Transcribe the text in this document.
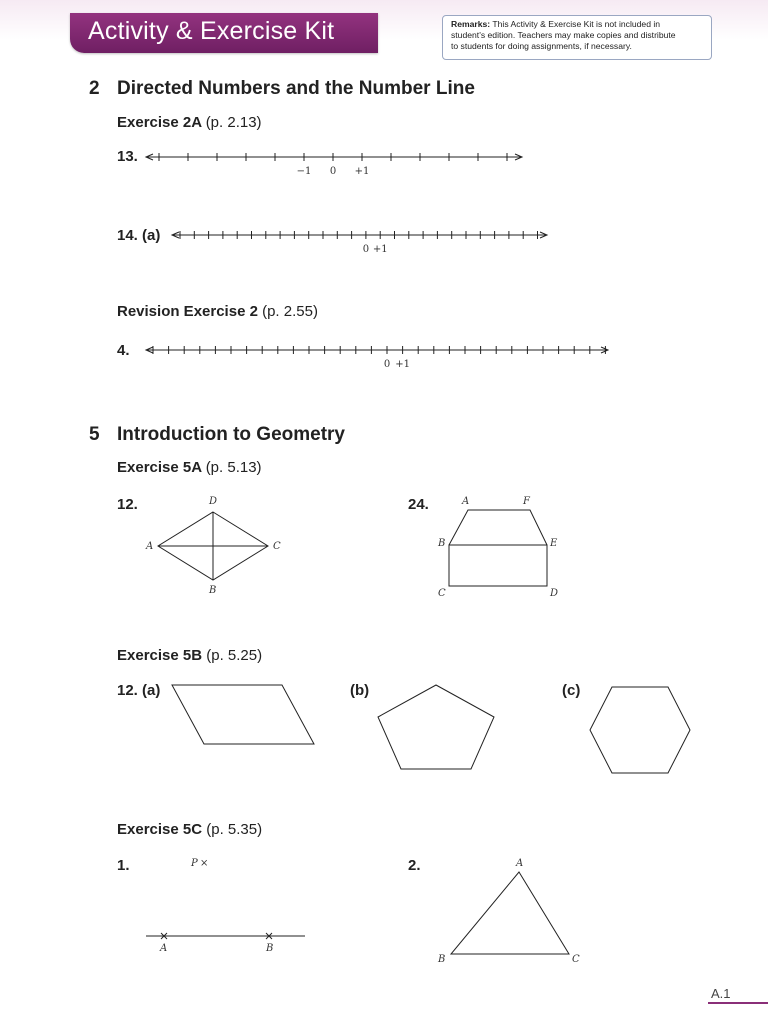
Activity & Exercise Kit	Remarks: This Activity & Exercise Kit is not included in
student's edition. Teachers may make copies and distribute
to students for doing assignments, if necessary.
2 Directed Numbers and the Number Line
Exercise 2A (p. 2.13)
13.
−1 0 +1
0 +1
0 +1
14. (a)
Revision Exercise 2 (p. 2.55)
4.
5 Introduction to Geometry
Exercise 5A (p. 5.13)
12.	24.
Exercise 5B (p. 5.25)
12. (a)	(b)	(c)
Exercise 5C (p. 5.35)
1.	2.
A
B
C
D	A
B
C	D
E
F
P ×
A	B
A
B	C
A.1
